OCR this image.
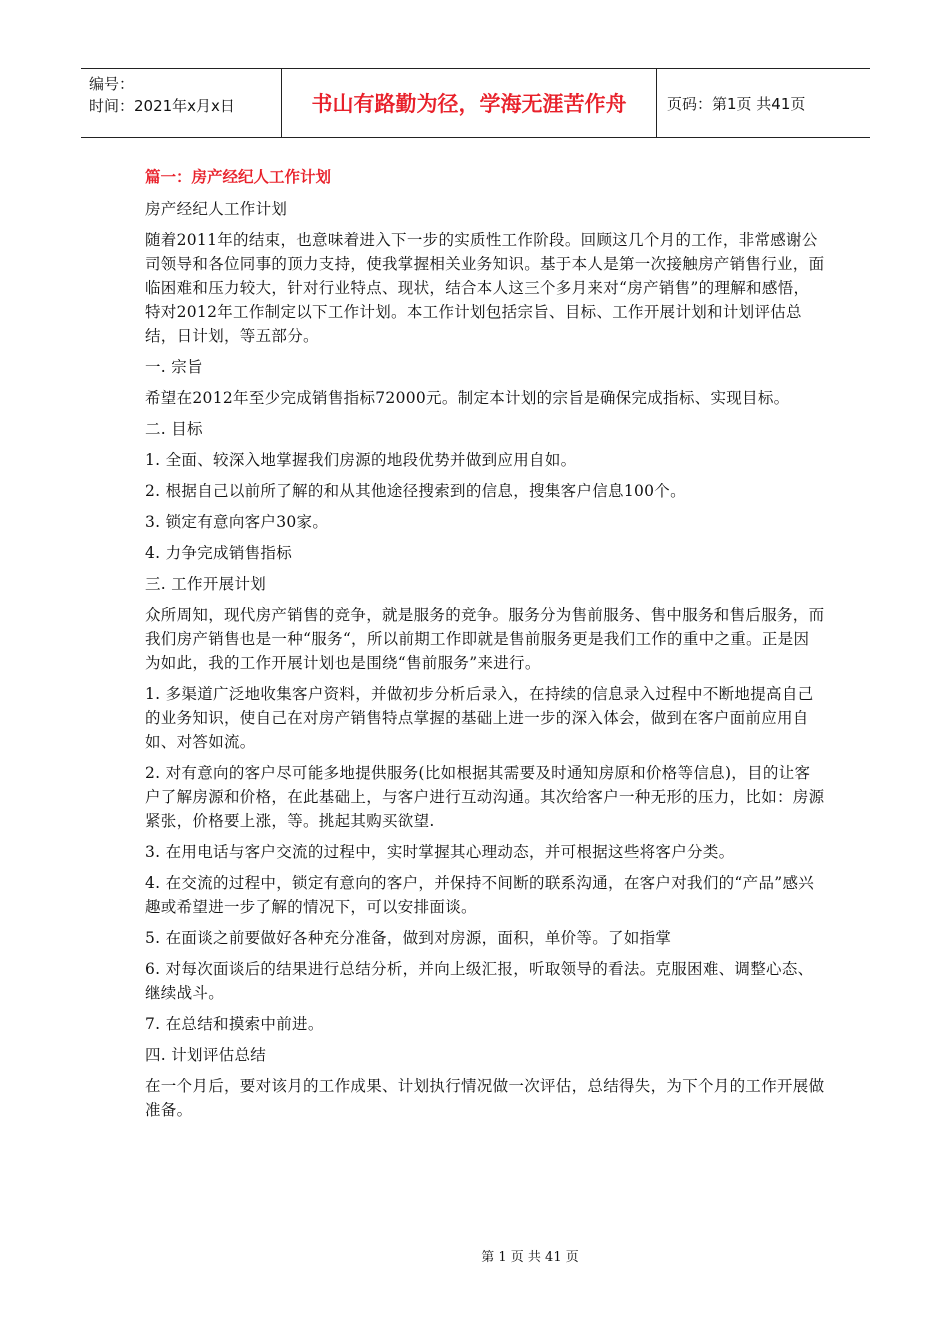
编号：
时间：2021年x月x日	书山有路勤为径，学海无涯苦作舟	页码：第1页 共41页

篇一：房产经纪人工作计划

房产经纪人工作计划

随着2011年的结束，也意味着进入下一步的实质性工作阶段。回顾这几个月的工作，非常感谢公司领导和各位同事的顶力支持，使我掌握相关业务知识。基于本人是第一次接触房产销售行业，面临困难和压力较大，针对行业特点、现状，结合本人这三个多月来对“房产销售”的理解和感悟，特对2012年工作制定以下工作计划。本工作计划包括宗旨、目标、工作开展计划和计划评估总结，日计划，等五部分。

一. 宗旨

希望在2012年至少完成销售指标72000元。制定本计划的宗旨是确保完成指标、实现目标。

二. 目标

1. 全面、较深入地掌握我们房源的地段优势并做到应用自如。

2. 根据自己以前所了解的和从其他途径搜索到的信息，搜集客户信息100个。

3. 锁定有意向客户30家。

4. 力争完成销售指标

三. 工作开展计划

众所周知，现代房产销售的竞争，就是服务的竞争。服务分为售前服务、售中服务和售后服务，而我们房产销售也是一种“服务“，所以前期工作即就是售前服务更是我们工作的重中之重。正是因为如此，我的工作开展计划也是围绕“售前服务”来进行。

1. 多渠道广泛地收集客户资料，并做初步分析后录入，在持续的信息录入过程中不断地提高自己的业务知识，使自己在对房产销售特点掌握的基础上进一步的深入体会，做到在客户面前应用自如、对答如流。

2. 对有意向的客户尽可能多地提供服务(比如根据其需要及时通知房原和价格等信息)，目的让客户了解房源和价格，在此基础上，与客户进行互动沟通。其次给客户一种无形的压力，比如：房源紧张，价格要上涨，等。挑起其购买欲望.

3. 在用电话与客户交流的过程中，实时掌握其心理动态，并可根据这些将客户分类。

4. 在交流的过程中，锁定有意向的客户，并保持不间断的联系沟通，在客户对我们的“产品”感兴趣或希望进一步了解的情况下，可以安排面谈。

5. 在面谈之前要做好各种充分准备，做到对房源，面积，单价等。了如指掌

6. 对每次面谈后的结果进行总结分析，并向上级汇报，听取领导的看法。克服困难、调整心态、继续战斗。

7. 在总结和摸索中前进。

四. 计划评估总结

在一个月后，要对该月的工作成果、计划执行情况做一次评估，总结得失，为下个月的工作开展做准备。

第 1 页 共 41 页
